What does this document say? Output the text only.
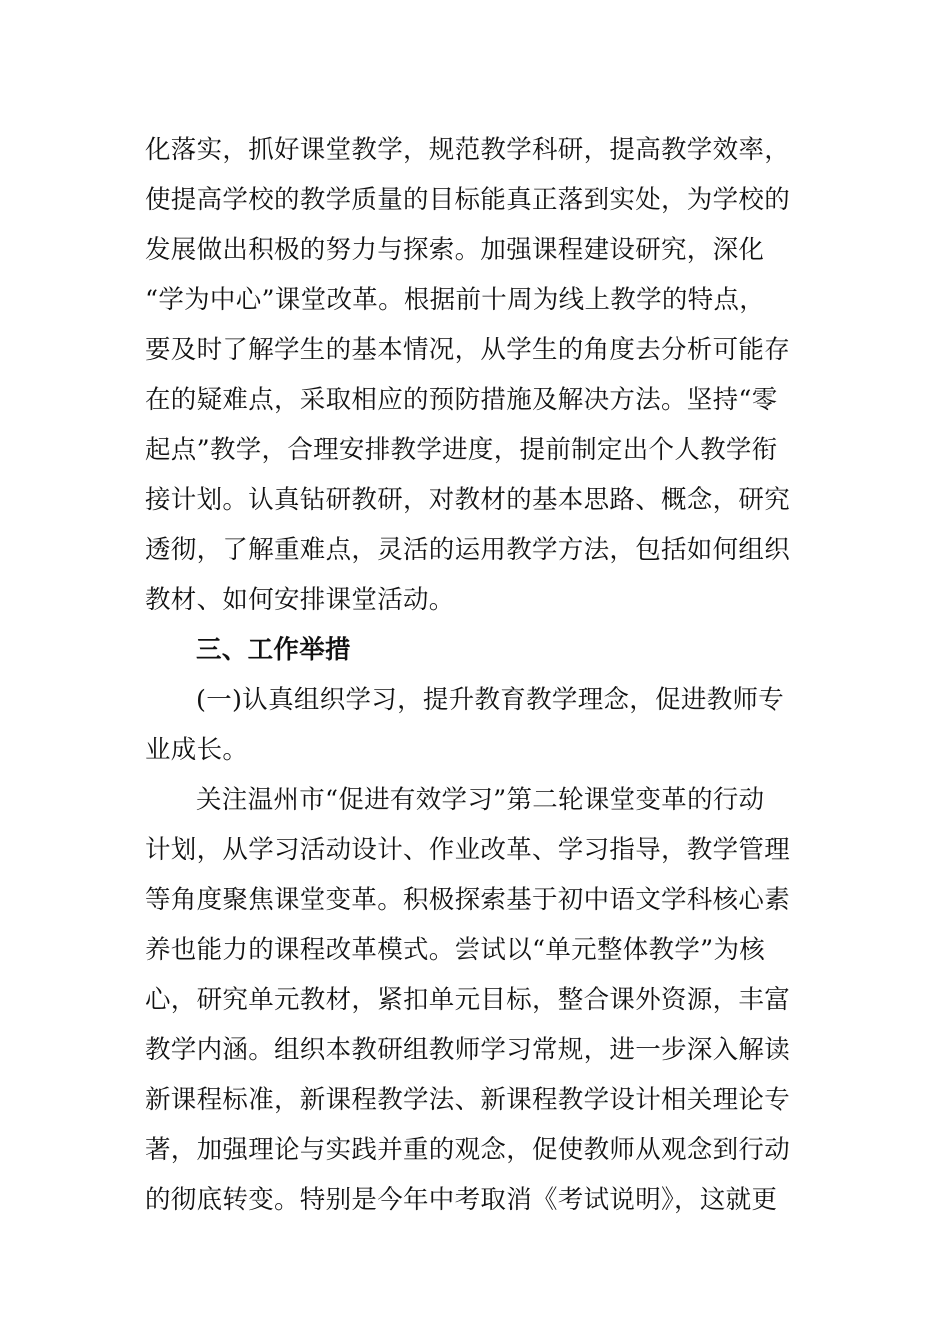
化落实，抓好课堂教学，规范教学科研，提高教学效率，
使提高学校的教学质量的目标能真正落到实处，为学校的
发展做出积极的努力与探索。加强课程建设研究，深化
“学为中心”课堂改革。根据前十周为线上教学的特点，
要及时了解学生的基本情况，从学生的角度去分析可能存
在的疑难点，采取相应的预防措施及解决方法。坚持“零
起点”教学，合理安排教学进度，提前制定出个人教学衔
接计划。认真钻研教研，对教材的基本思路、概念，研究
透彻，了解重难点，灵活的运用教学方法，包括如何组织
教材、如何安排课堂活动。
三、工作举措
(一)认真组织学习，提升教育教学理念，促进教师专
业成长。
关注温州市“促进有效学习”第二轮课堂变革的行动
计划，从学习活动设计、作业改革、学习指导，教学管理
等角度聚焦课堂变革。积极探索基于初中语文学科核心素
养也能力的课程改革模式。尝试以“单元整体教学”为核
心，研究单元教材，紧扣单元目标，整合课外资源，丰富
教学内涵。组织本教研组教师学习常规，进一步深入解读
新课程标准，新课程教学法、新课程教学设计相关理论专
著，加强理论与实践并重的观念，促使教师从观念到行动
的彻底转变。特别是今年中考取消《考试说明》，这就更
